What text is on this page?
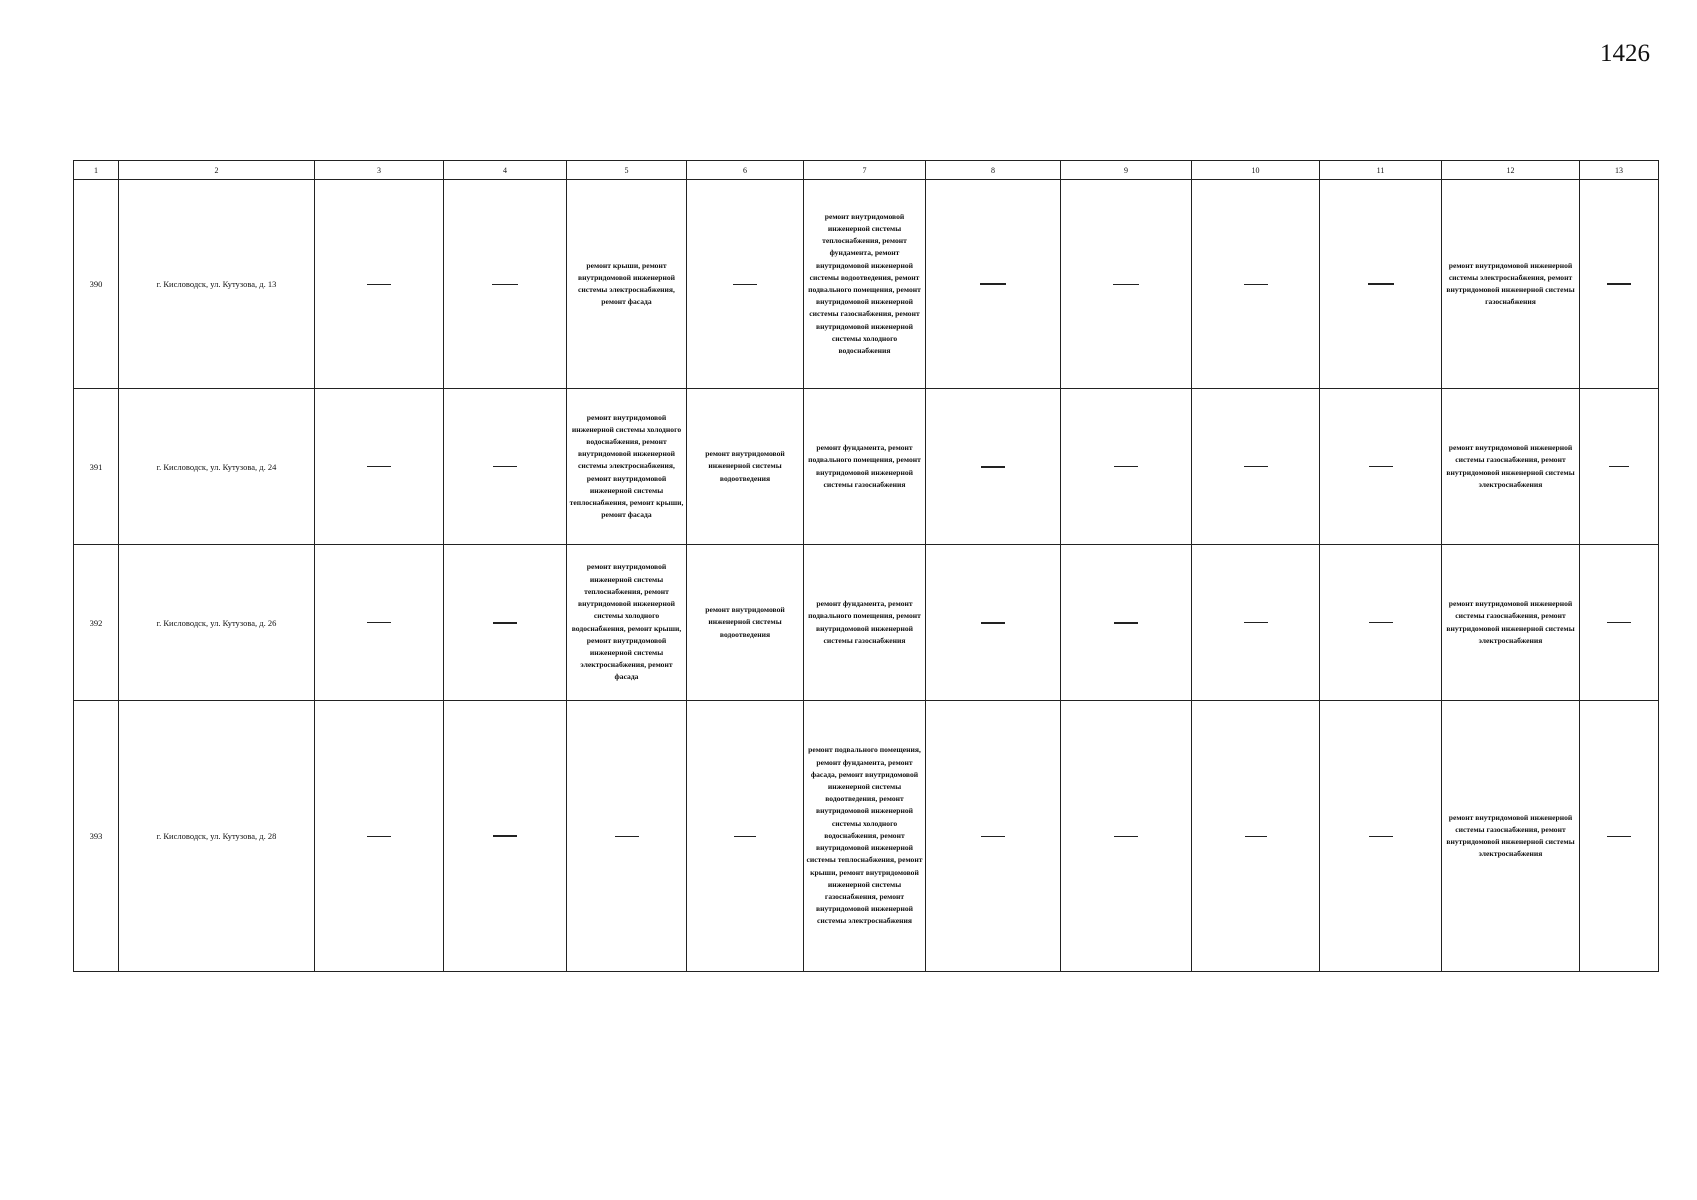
1426
1	2	3	4	5	6	7	8	9	10	11	12	13
390	г. Кисловодск, ул. Кутузова, д. 13			ремонт крыши, ремонт внутридомовой инженерной системы электроснабжения, ремонт фасада		ремонт внутридомовой инженерной системы теплоснабжения, ремонт фундамента, ремонт внутридомовой инженерной системы водоотведения, ремонт подвального помещения, ремонт внутридомовой инженерной системы газоснабжения, ремонт внутридомовой инженерной системы холодного водоснабжения					ремонт внутридомовой инженерной системы электроснабжения, ремонт внутридомовой инженерной системы газоснабжения	
391	г. Кисловодск, ул. Кутузова, д. 24			ремонт внутридомовой инженерной системы холодного водоснабжения, ремонт внутридомовой инженерной системы электроснабжения, ремонт внутридомовой инженерной системы теплоснабжения, ремонт крыши, ремонт фасада	ремонт внутридомовой инженерной системы водоотведения	ремонт фундамента, ремонт подвального помещения, ремонт внутридомовой инженерной системы газоснабжения					ремонт внутридомовой инженерной системы газоснабжения, ремонт внутридомовой инженерной системы электроснабжения	
392	г. Кисловодск, ул. Кутузова, д. 26			ремонт внутридомовой инженерной системы теплоснабжения, ремонт внутридомовой инженерной системы холодного водоснабжения, ремонт крыши, ремонт внутридомовой инженерной системы электроснабжения, ремонт фасада	ремонт внутридомовой инженерной системы водоотведения	ремонт фундамента, ремонт подвального помещения, ремонт внутридомовой инженерной системы газоснабжения					ремонт внутридомовой инженерной системы газоснабжения, ремонт внутридомовой инженерной системы электроснабжения	
393	г. Кисловодск, ул. Кутузова, д. 28					ремонт подвального помещения, ремонт фундамента, ремонт фасада, ремонт внутридомовой инженерной системы водоотведения, ремонт внутридомовой инженерной системы холодного водоснабжения, ремонт внутридомовой инженерной системы теплоснабжения, ремонт крыши, ремонт внутридомовой инженерной системы газоснабжения, ремонт внутридомовой инженерной системы электроснабжения					ремонт внутридомовой инженерной системы газоснабжения, ремонт внутридомовой инженерной системы электроснабжения	
